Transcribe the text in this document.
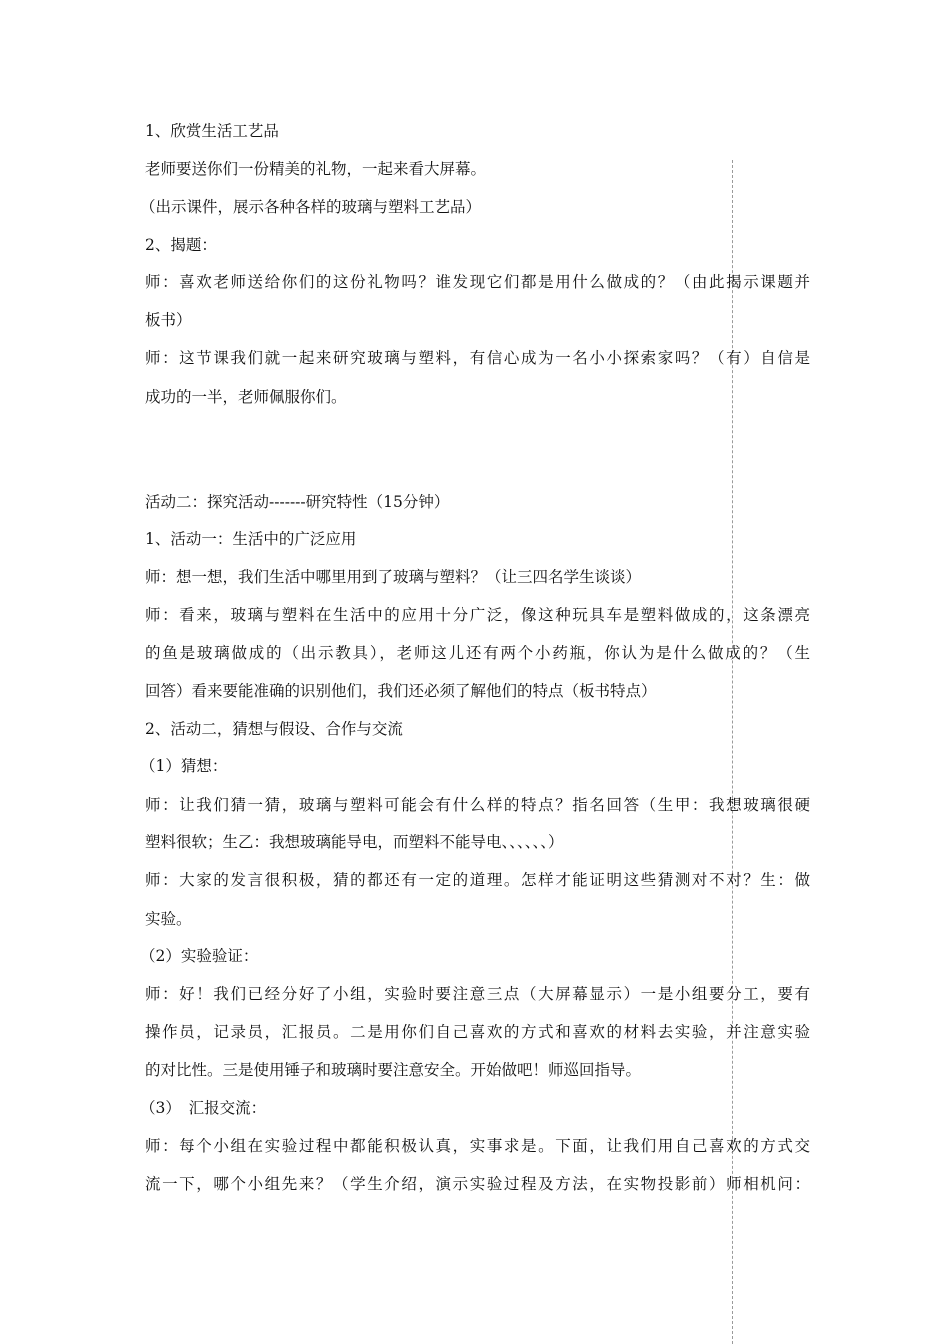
1、欣赏生活工艺品

老师要送你们一份精美的礼物，一起来看大屏幕。

（出示课件，展示各种各样的玻璃与塑料工艺品）

2、揭题：

师：喜欢老师送给你们的这份礼物吗？谁发现它们都是用什么做成的？（由此揭示课题并

板书）

师：这节课我们就一起来研究玻璃与塑料，有信心成为一名小小探索家吗？（有）自信是

成功的一半，老师佩服你们。

活动二：探究活动-------研究特性（15分钟）

1、活动一：生活中的广泛应用

师：想一想，我们生活中哪里用到了玻璃与塑料？（让三四名学生谈谈）

师：看来，玻璃与塑料在生活中的应用十分广泛，像这种玩具车是塑料做成的，这条漂亮

的鱼是玻璃做成的（出示教具），老师这儿还有两个小药瓶，你认为是什么做成的？（生

回答）看来要能准确的识别他们，我们还必须了解他们的特点（板书特点）

2、活动二，猜想与假设、合作与交流

（1）猜想：

师：让我们猜一猜，玻璃与塑料可能会有什么样的特点？指名回答（生甲：我想玻璃很硬

塑料很软；生乙：我想玻璃能导电，而塑料不能导电、、、、、、）

师：大家的发言很积极，猜的都还有一定的道理。怎样才能证明这些猜测对不对？生：做

实验。

（2）实验验证：

师：好！我们已经分好了小组，实验时要注意三点（大屏幕显示）一是小组要分工，要有

操作员，记录员，汇报员。二是用你们自己喜欢的方式和喜欢的材料去实验，并注意实验

的对比性。三是使用锤子和玻璃时要注意安全。开始做吧！师巡回指导。

（3）　汇报交流：

师：每个小组在实验过程中都能积极认真，实事求是。下面，让我们用自己喜欢的方式交

流一下，哪个小组先来？（学生介绍，演示实验过程及方法，在实物投影前）师相机问：
